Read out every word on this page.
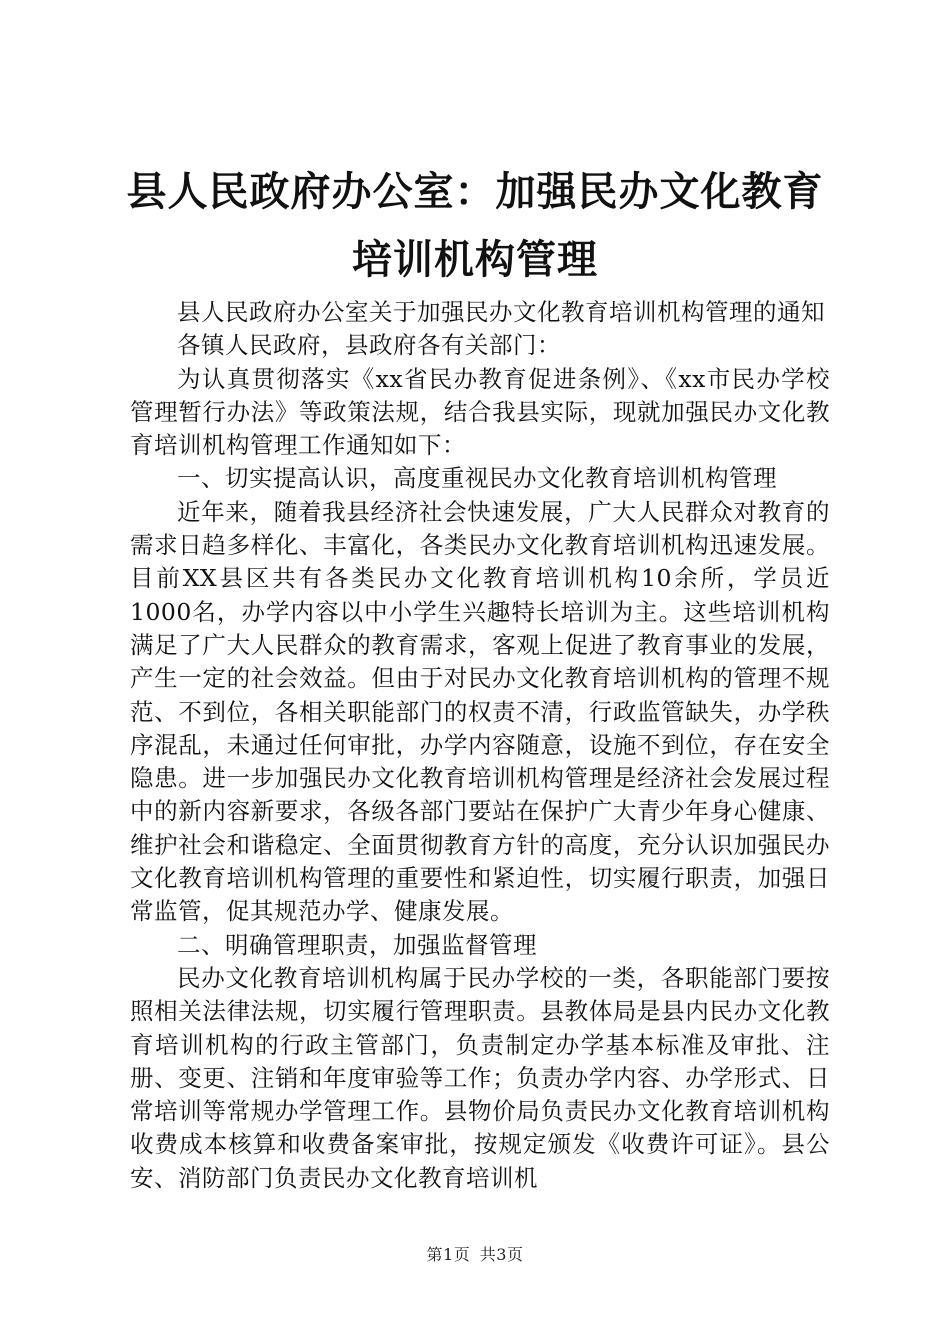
县人民政府办公室：加强民办文化教育培训机构管理

县人民政府办公室关于加强民办文化教育培训机构管理的通知

各镇人民政府，县政府各有关部门：

为认真贯彻落实《xx省民办教育促进条例》、《xx市民办学校管理暂行办法》等政策法规，结合我县实际，现就加强民办文化教育培训机构管理工作通知如下：

一、切实提高认识，高度重视民办文化教育培训机构管理

近年来，随着我县经济社会快速发展，广大人民群众对教育的需求日趋多样化、丰富化，各类民办文化教育培训机构迅速发展。目前XX县区共有各类民办文化教育培训机构10余所，学员近1000名，办学内容以中小学生兴趣特长培训为主。这些培训机构满足了广大人民群众的教育需求，客观上促进了教育事业的发展，产生一定的社会效益。但由于对民办文化教育培训机构的管理不规范、不到位，各相关职能部门的权责不清，行政监管缺失，办学秩序混乱，未通过任何审批，办学内容随意，设施不到位，存在安全隐患。进一步加强民办文化教育培训机构管理是经济社会发展过程中的新内容新要求，各级各部门要站在保护广大青少年身心健康、维护社会和谐稳定、全面贯彻教育方针的高度，充分认识加强民办文化教育培训机构管理的重要性和紧迫性，切实履行职责，加强日常监管，促其规范办学、健康发展。

二、明确管理职责，加强监督管理

民办文化教育培训机构属于民办学校的一类，各职能部门要按照相关法律法规，切实履行管理职责。县教体局是县内民办文化教育培训机构的行政主管部门，负责制定办学基本标准及审批、注册、变更、注销和年度审验等工作；负责办学内容、办学形式、日常培训等常规办学管理工作。县物价局负责民办文化教育培训机构收费成本核算和收费备案审批，按规定颁发《收费许可证》。县公安、消防部门负责民办文化教育培训机

第1页 共3页
